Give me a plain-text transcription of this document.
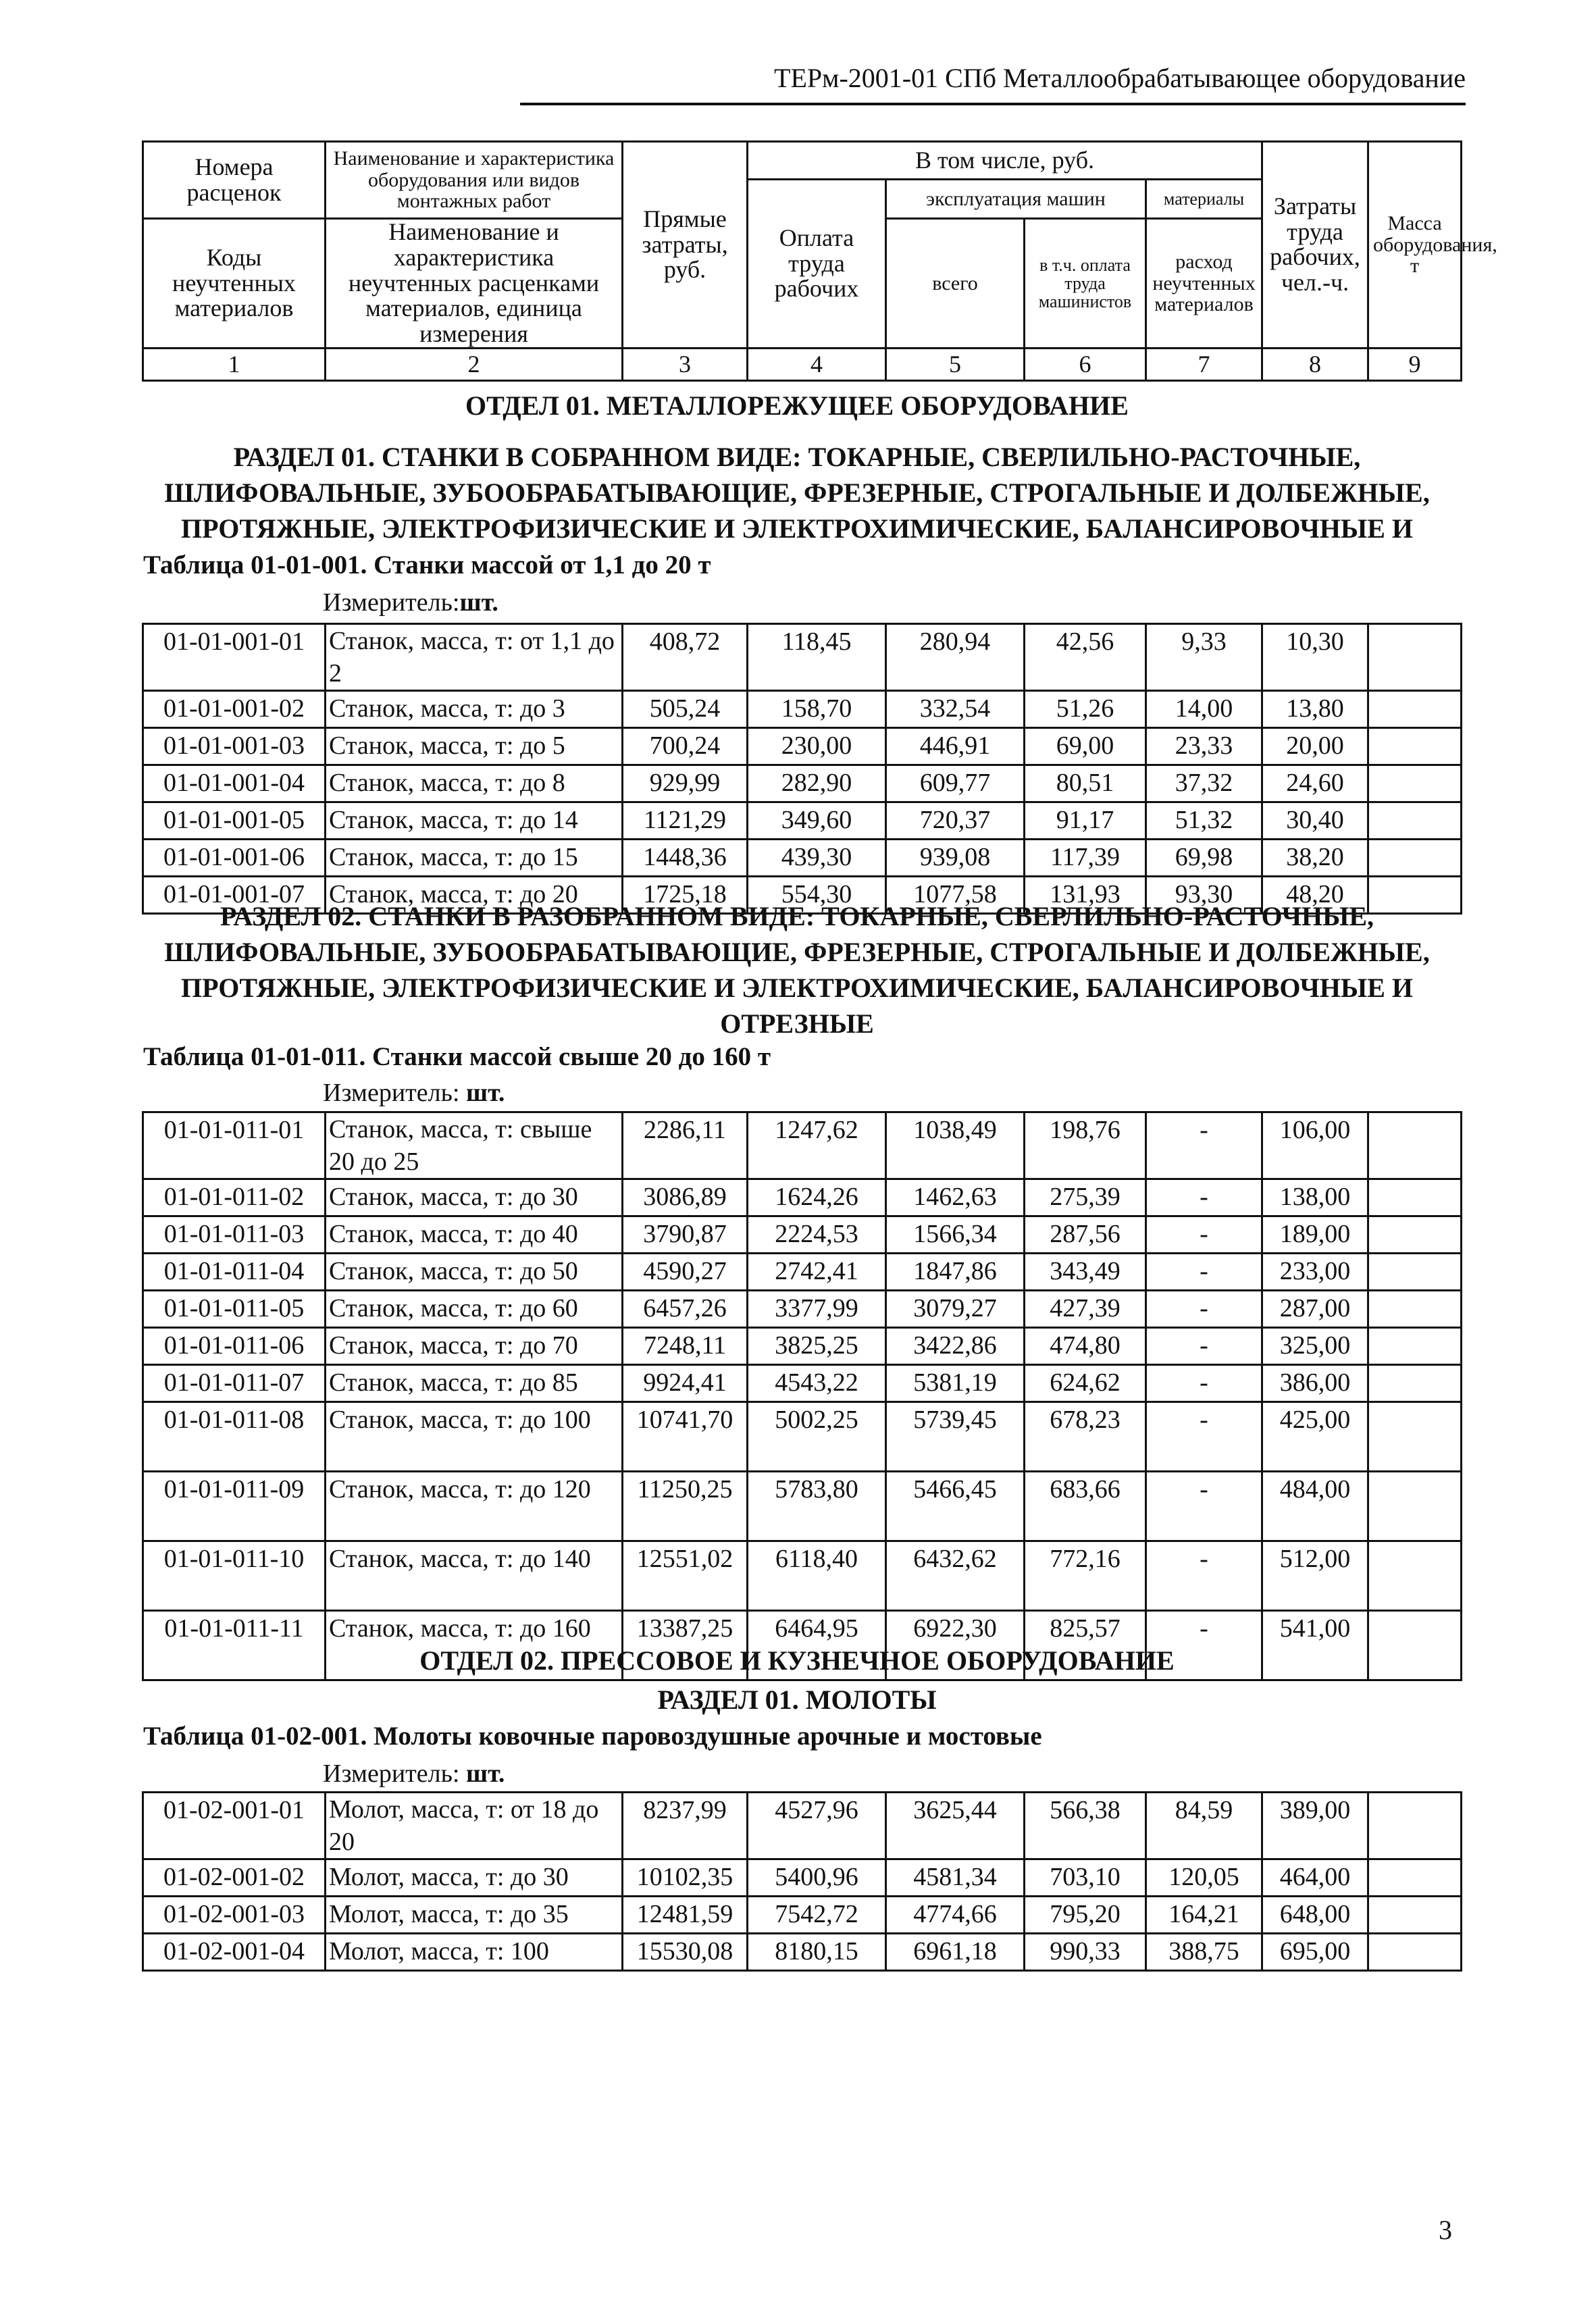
ТЕРм-2001-01 СПб Металлообрабатывающее оборудование
Номера расценок	Наименование и характеристика оборудования или видов монтажных работ	Прямые затраты, руб.	В том числе, руб.				Затраты труда рабочих, чел.-ч.	Масса оборудования, т
			Оплата труда рабочих	эксплуатация машин		материалы		
Коды неучтенных материалов	Наименование и характеристика неучтенных расценками материалов, единица измерения			всего	в т.ч. оплата труда машинистов	расход неучтенных материалов		

1	2	3	4	5	6	7	8	9
ОТДЕЛ 01. МЕТАЛЛОРЕЖУЩЕЕ ОБОРУДОВАНИЕ
РАЗДЕЛ 01. СТАНКИ В СОБРАННОМ ВИДЕ: ТОКАРНЫЕ, СВЕРЛИЛЬНО-РАСТОЧНЫЕ, ШЛИФОВАЛЬНЫЕ, ЗУБООБРАБАТЫВАЮЩИЕ, ФРЕЗЕРНЫЕ, СТРОГАЛЬНЫЕ И ДОЛБЕЖНЫЕ, ПРОТЯЖНЫЕ, ЭЛЕКТРОФИЗИЧЕСКИЕ И ЭЛЕКТРОХИМИЧЕСКИЕ, БАЛАНСИРОВОЧНЫЕ И
Таблица 01-01-001. Станки массой от 1,1 до 20 т
Измеритель:шт.
01-01-001-01	Станок, масса, т: от 1,1 до 2	408,72	118,45	280,94	42,56	9,33	10,30	
01-01-001-02	Станок, масса, т: до 3	505,24	158,70	332,54	51,26	14,00	13,80	
01-01-001-03	Станок, масса, т: до 5	700,24	230,00	446,91	69,00	23,33	20,00	
01-01-001-04	Станок, масса, т: до 8	929,99	282,90	609,77	80,51	37,32	24,60	
01-01-001-05	Станок, масса, т: до 14	1121,29	349,60	720,37	91,17	51,32	30,40	
01-01-001-06	Станок, масса, т: до 15	1448,36	439,30	939,08	117,39	69,98	38,20	
01-01-001-07	Станок, масса, т: до 20	1725,18	554,30	1077,58	131,93	93,30	48,20	
РАЗДЕЛ 02. СТАНКИ В РАЗОБРАННОМ ВИДЕ: ТОКАРНЫЕ, СВЕРЛИЛЬНО-РАСТОЧНЫЕ, ШЛИФОВАЛЬНЫЕ, ЗУБООБРАБАТЫВАЮЩИЕ, ФРЕЗЕРНЫЕ, СТРОГАЛЬНЫЕ И ДОЛБЕЖНЫЕ, ПРОТЯЖНЫЕ, ЭЛЕКТРОФИЗИЧЕСКИЕ И ЭЛЕКТРОХИМИЧЕСКИЕ, БАЛАНСИРОВОЧНЫЕ И ОТРЕЗНЫЕ
Таблица 01-01-011. Станки массой свыше 20 до 160 т
Измеритель: шт.
01-01-011-01	Станок, масса, т: свыше 20 до 25	2286,11	1247,62	1038,49	198,76	-	106,00	
01-01-011-02	Станок, масса, т: до 30	3086,89	1624,26	1462,63	275,39	-	138,00	
01-01-011-03	Станок, масса, т: до 40	3790,87	2224,53	1566,34	287,56	-	189,00	
01-01-011-04	Станок, масса, т: до 50	4590,27	2742,41	1847,86	343,49	-	233,00	
01-01-011-05	Станок, масса, т: до 60	6457,26	3377,99	3079,27	427,39	-	287,00	
01-01-011-06	Станок, масса, т: до 70	7248,11	3825,25	3422,86	474,80	-	325,00	
01-01-011-07	Станок, масса, т: до 85	9924,41	4543,22	5381,19	624,62	-	386,00	
01-01-011-08	Станок, масса, т: до 100	10741,70	5002,25	5739,45	678,23	-	425,00	
01-01-011-09	Станок, масса, т: до 120	11250,25	5783,80	5466,45	683,66	-	484,00	
01-01-011-10	Станок, масса, т: до 140	12551,02	6118,40	6432,62	772,16	-	512,00	
01-01-011-11	Станок, масса, т: до 160	13387,25	6464,95	6922,30	825,57	-	541,00	
ОТДЕЛ 02. ПРЕССОВОЕ И КУЗНЕЧНОЕ ОБОРУДОВАНИЕ
РАЗДЕЛ 01. МОЛОТЫ
Таблица 01-02-001. Молоты ковочные паровоздушные арочные и мостовые
Измеритель: шт.
01-02-001-01	Молот, масса, т: от 18 до 20	8237,99	4527,96	3625,44	566,38	84,59	389,00	
01-02-001-02	Молот, масса, т: до 30	10102,35	5400,96	4581,34	703,10	120,05	464,00	
01-02-001-03	Молот, масса, т: до 35	12481,59	7542,72	4774,66	795,20	164,21	648,00	
01-02-001-04	Молот, масса, т: 100	15530,08	8180,15	6961,18	990,33	388,75	695,00	
3
